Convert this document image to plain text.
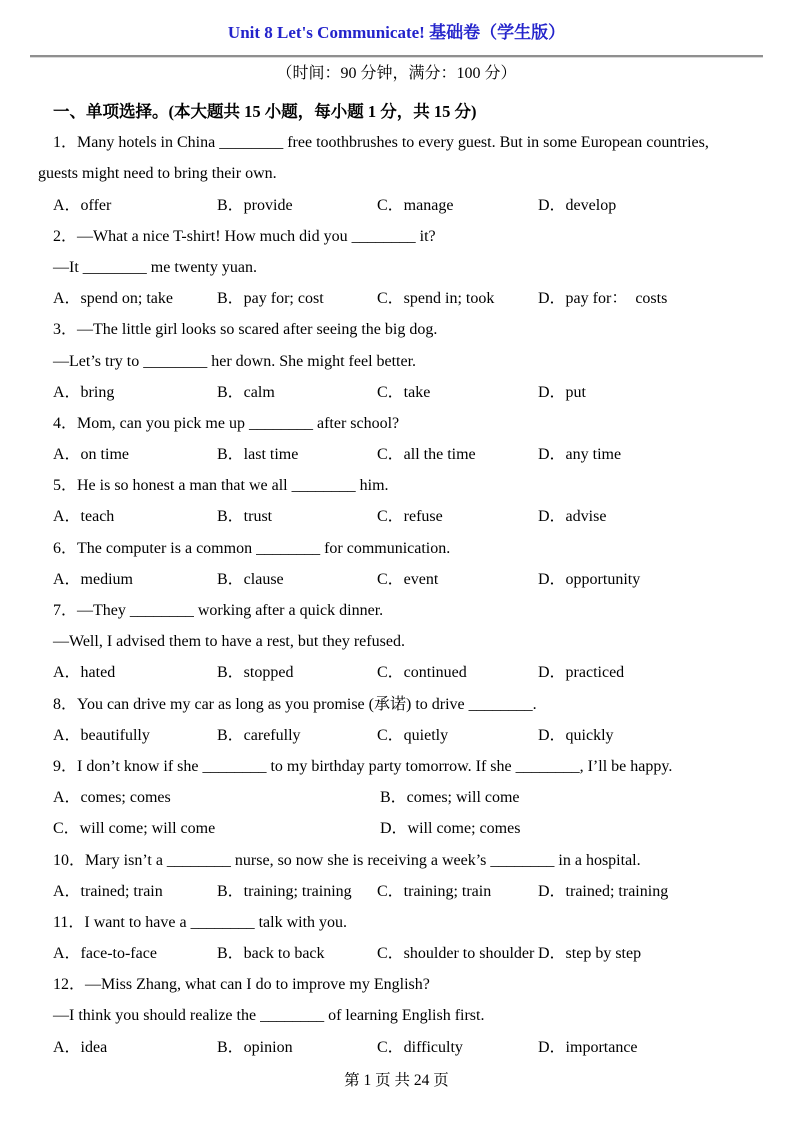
Unit 8 Let's Communicate! 基础卷（学生版）
（时间：90 分钟，满分：100 分）
一、单项选择。(本大题共 15 小题，每小题 1 分，共 15 分)
1．Many hotels in China ________ free toothbrushes to every guest. But in some European countries,
guests might need to bring their own.

A．offer

	B．provide

	C．manage

	D．develop

2．—What a nice T-shirt! How much did you ________ it?
—It ________ me twenty yuan.

A．spend on; take

	B．pay for; cost

	C．spend in; took

	D．pay for：  costs

3．—The little girl looks so scared after seeing the big dog.
—Let’s try to ________ her down. She might feel better.

A．bring

	B．calm

	C．take

	D．put

4．Mom, can you pick me up ________ after school?

A．on time

	B．last time

	C．all the time

	D．any time

5．He is so honest a man that we all ________ him.

A．teach

	B．trust

	C．refuse

	D．advise

6．The computer is a common ________ for communication.

A．medium

	B．clause

	C．event

	D．opportunity

7．—They ________ working after a quick dinner.
—Well, I advised them to have a rest, but they refused.

A．hated

	B．stopped

	C．continued

	D．practiced

8．You can drive my car as long as you promise (承诺) to drive ________.

A．beautifully

	B．carefully

	C．quietly

	D．quickly

9．I don’t know if she ________ to my birthday party tomorrow. If she ________, I’ll be happy.

A．comes; comes

	B．comes; will come

C．will come; will come

	D．will come; comes

10．Mary isn’t a ________ nurse, so now she is receiving a week’s ________ in a hospital.

A．trained; train

	B．training; training

C．training; train

	D．trained; training

11．I want to have a ________ talk with you.

A．face-to-face

	B．back to back

	C．shoulder to shoulder

D．step by step

12．—Miss Zhang, what can I do to improve my English?
—I think you should realize the ________ of learning English first.

A．idea

	B．opinion

	C．difficulty

	D．importance

第 1 页 共 24 页
